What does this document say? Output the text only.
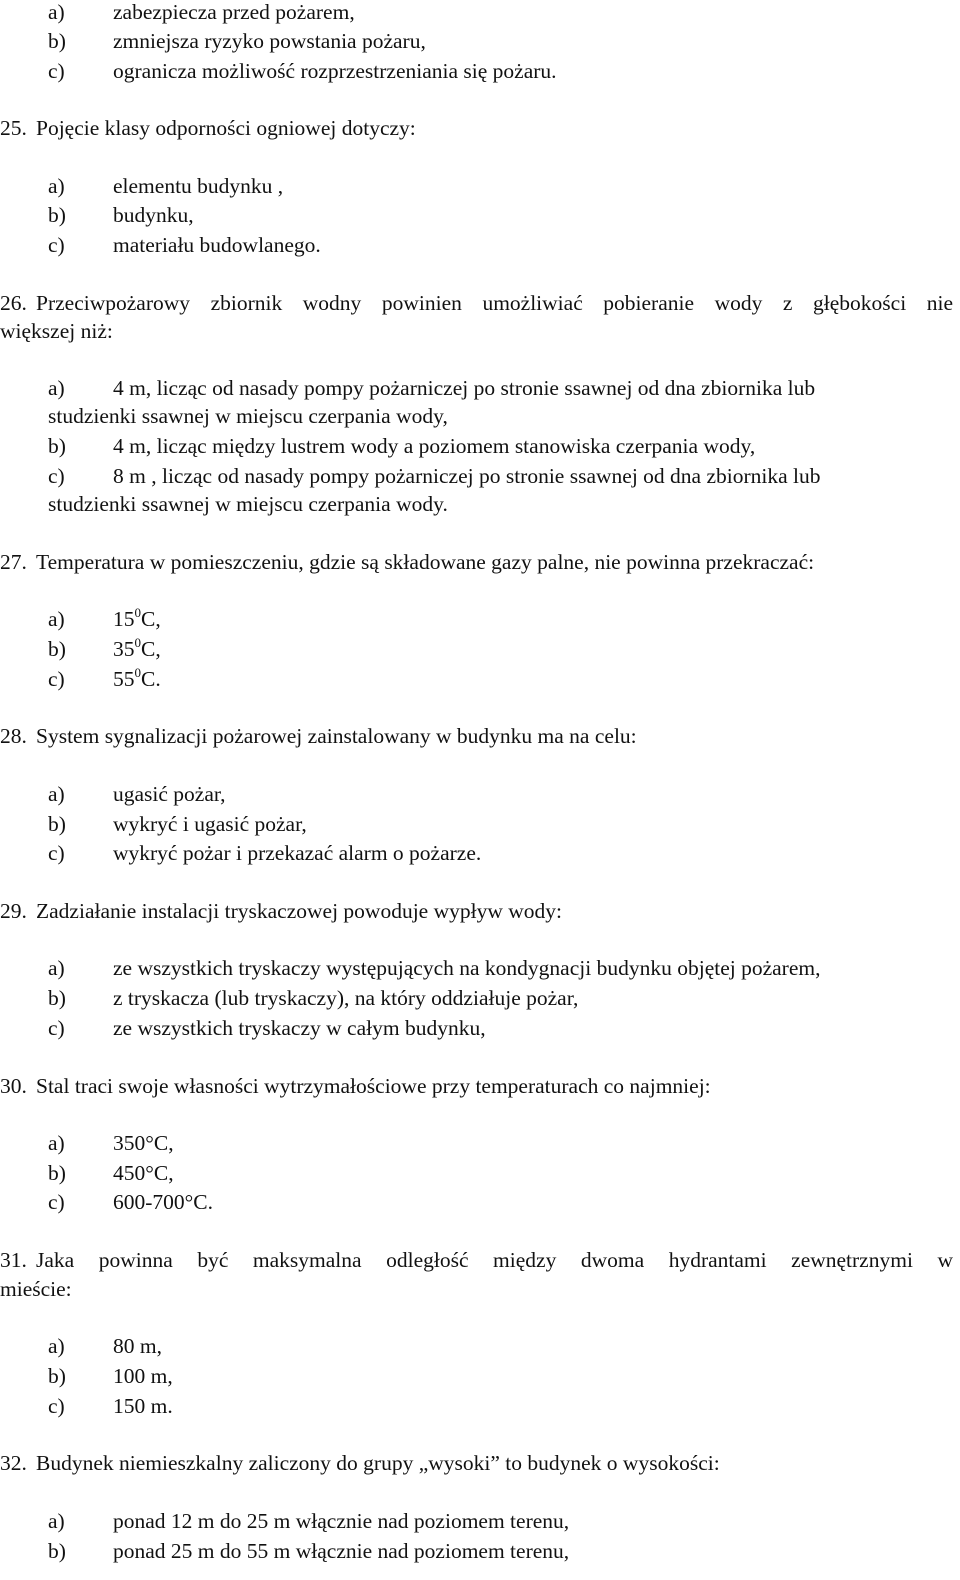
a) zabezpiecza przed pożarem,
b) zmniejsza ryzyko powstania pożaru,
c) ogranicza możliwość rozprzestrzeniania się pożaru.
25. Pojęcie klasy odporności ogniowej dotyczy:
a) elementu budynku ,
b) budynku,
c) materiału budowlanego.
26. Przeciwpożarowy zbiornik wodny powinien umożliwiać pobieranie wody z głębokości nie
większej niż:
a) 4 m, licząc od nasady pompy pożarniczej po stronie ssawnej od dna zbiornika lub
studzienki ssawnej w miejscu czerpania wody,
b) 4 m, licząc między lustrem wody a poziomem stanowiska czerpania wody,
c) 8 m , licząc od nasady pompy pożarniczej po stronie ssawnej od dna zbiornika lub
studzienki ssawnej w miejscu czerpania wody.
27. Temperatura w pomieszczeniu, gdzie są składowane gazy palne, nie powinna przekraczać:
a) $15^0C$,
b) $35^0C$,
c) $55^0C$.
28. System sygnalizacji pożarowej zainstalowany w budynku ma na celu:
a) ugasić pożar,
b) wykryć i ugasić pożar,
c) wykryć pożar i przekazać alarm o pożarze.
29. Zadziałanie instalacji tryskaczowej powoduje wypływ wody:
a) ze wszystkich tryskaczy występujących na kondygnacji budynku objętej pożarem,
b) z tryskacza (lub tryskaczy), na który oddziałuje pożar,
c) ze wszystkich tryskaczy w całym budynku,
30. Stal traci swoje własności wytrzymałościowe przy temperaturach co najmniej:
a) 350°C,
b) 450°C,
c) 600-700°C.
31. Jaka powinna być maksymalna odległość między dwoma hydrantami zewnętrznymi w
mieście:
a) 80 m,
b) 100 m,
c) 150 m.
32. Budynek niemieszkalny zaliczony do grupy „wysoki” to budynek o wysokości:
a) ponad 12 m do 25 m włącznie nad poziomem terenu,
b) ponad 25 m do 55 m włącznie nad poziomem terenu,
